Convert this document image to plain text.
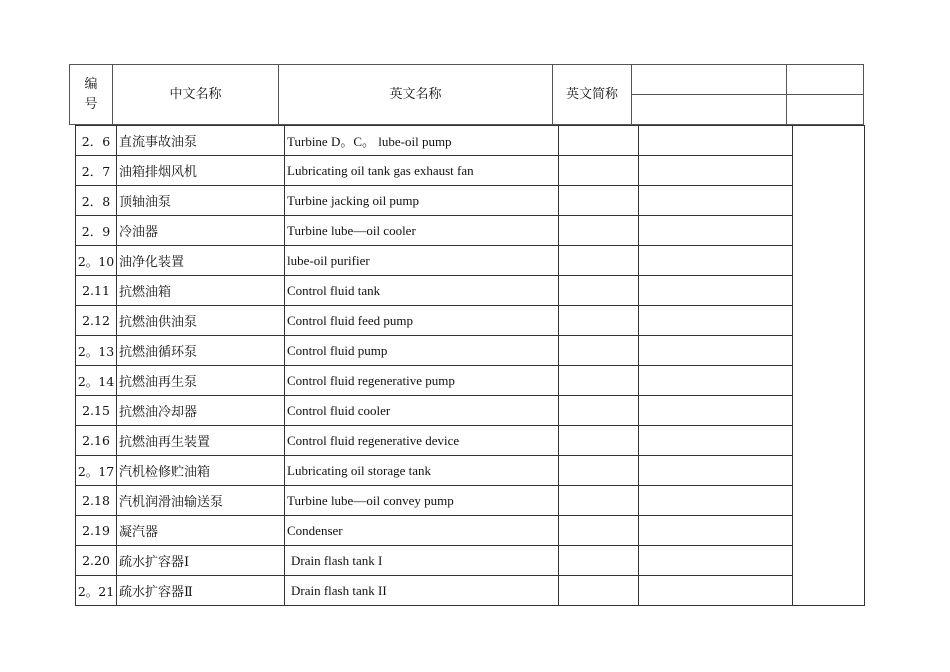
编
号	中文名称	英文名称	英文简称		

2．6	直流事故油泵	Turbine D。C。 lube-oil pump			
2．7	油箱排烟风机	Lubricating oil tank gas exhaust fan			
2．8	顶轴油泵	Turbine jacking oil pump			
2．9	冷油器	Turbine lube—oil cooler			
2。10	油净化装置	lube-oil purifier			
2.11	抗燃油箱	Control fluid tank			
2.12	抗燃油供油泵	Control fluid feed pump			
2。13	抗燃油循环泵	Control fluid pump			
2。14	抗燃油再生泵	Control fluid regenerative pump			
2.15	抗燃油冷却器	Control fluid cooler			
2.16	抗燃油再生装置	Control fluid regenerative device			
2。17	汽机检修贮油箱	Lubricating oil storage tank			
2.18	汽机润滑油输送泵	Turbine lube—oil convey pump			
2.19	凝汽器	Condenser			
2.20	疏水扩容器Ⅰ	Drain flash tank I			
2。21	疏水扩容器Ⅱ	Drain flash tank II			
